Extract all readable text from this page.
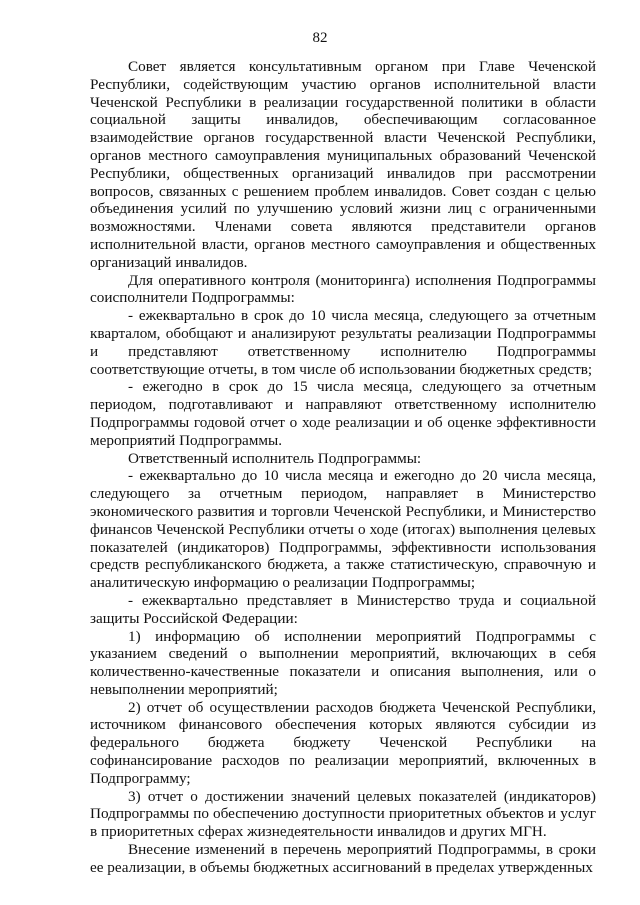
82

Совет является консультативным органом при Главе Чеченской Республики, содействующим участию органов исполнительной власти Чеченской Республики в реализации государственной политики в области социальной защиты инвалидов, обеспечивающим согласованное взаимодействие органов государственной власти Чеченской Республики, органов местного самоуправления муниципальных образований Чеченской Республики, общественных организаций инвалидов при рассмотрении вопросов, связанных с решением проблем инвалидов. Совет создан с целью объединения усилий по улучшению условий жизни лиц с ограниченными возможностями. Членами совета являются представители органов исполнительной власти, органов местного самоуправления и общественных организаций инвалидов.

Для оперативного контроля (мониторинга) исполнения Подпрограммы соисполнители Подпрограммы:

- ежеквартально в срок до 10 числа месяца, следующего за отчетным кварталом, обобщают и анализируют результаты реализации Подпрограммы и представляют ответственному исполнителю Подпрограммы соответствующие отчеты, в том числе об использовании бюджетных средств;

- ежегодно в срок до 15 числа месяца, следующего за отчетным периодом, подготавливают и направляют ответственному исполнителю Подпрограммы годовой отчет о ходе реализации и об оценке эффективности мероприятий Подпрограммы.

Ответственный исполнитель Подпрограммы:

- ежеквартально до 10 числа месяца и ежегодно до 20 числа месяца, следующего за отчетным периодом, направляет в Министерство экономического развития и торговли Чеченской Республики, и Министерство финансов Чеченской Республики отчеты о ходе (итогах) выполнения целевых показателей (индикаторов) Подпрограммы, эффективности использования средств республиканского бюджета, а также статистическую, справочную и аналитическую информацию о реализации Подпрограммы;

- ежеквартально представляет в Министерство труда и социальной защиты Российской Федерации:

1) информацию об исполнении мероприятий Подпрограммы с указанием сведений о выполнении мероприятий, включающих в себя количественно-качественные показатели и описания выполнения, или о невыполнении мероприятий;

2) отчет об осуществлении расходов бюджета Чеченской Республики, источником финансового обеспечения которых являются субсидии из федерального бюджета бюджету Чеченской Республики на софинансирование расходов по реализации мероприятий, включенных в Подпрограмму;

3) отчет о достижении значений целевых показателей (индикаторов) Подпрограммы по обеспечению доступности приоритетных объектов и услуг в приоритетных сферах жизнедеятельности инвалидов и других МГН.

Внесение изменений в перечень мероприятий Подпрограммы, в сроки ее реализации, в объемы бюджетных ассигнований в пределах утвержденных
